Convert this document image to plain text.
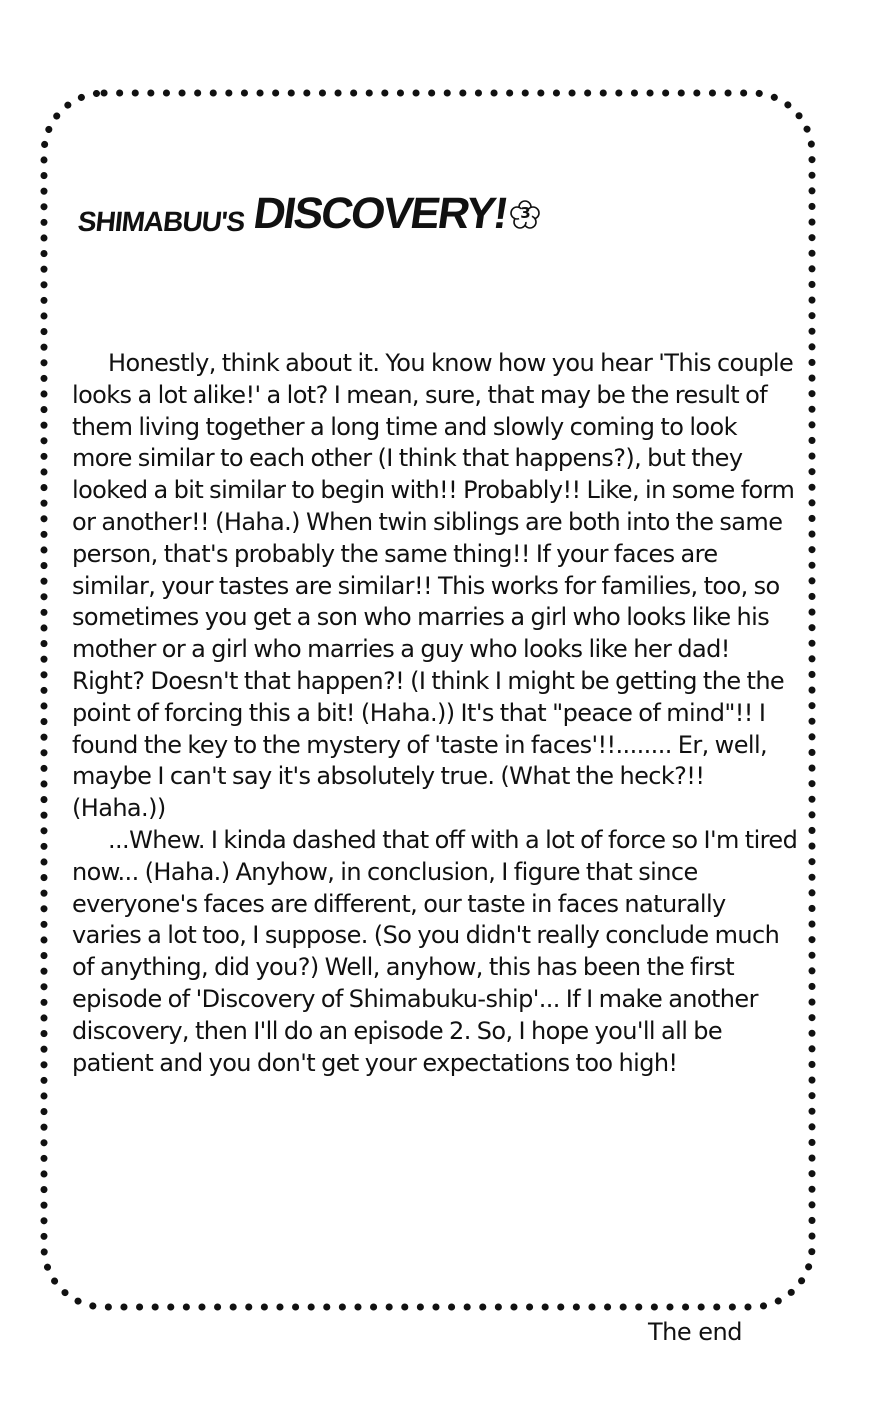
SHIMABUU'S DISCOVERY! 3

Honestly, think about it. You know how you hear 'This couple looks a lot alike!' a lot? I mean, sure, that may be the result of them living together a long time and slowly coming to look more similar to each other (I think that happens?), but they looked a bit similar to begin with!! Probably!! Like, in some form or another!! (Haha.) When twin siblings are both into the same person, that's probably the same thing!! If your faces are similar, your tastes are similar!! This works for families, too, so sometimes you get a son who marries a girl who looks like his mother or a girl who marries a guy who looks like her dad! Right? Doesn't that happen?! (I think I might be getting the the point of forcing this a bit! (Haha.)) It's that "peace of mind"!! I found the key to the mystery of 'taste in faces'!!........ Er, well, maybe I can't say it's absolutely true. (What the heck?!! (Haha.))

...Whew. I kinda dashed that off with a lot of force so I'm tired now... (Haha.) Anyhow, in conclusion, I figure that since everyone's faces are different, our taste in faces naturally varies a lot too, I suppose. (So you didn't really conclude much of anything, did you?) Well, anyhow, this has been the first episode of 'Discovery of Shimabuku-ship'... If I make another discovery, then I'll do an episode 2. So, I hope you'll all be patient and you don't get your expectations too high!

The end
